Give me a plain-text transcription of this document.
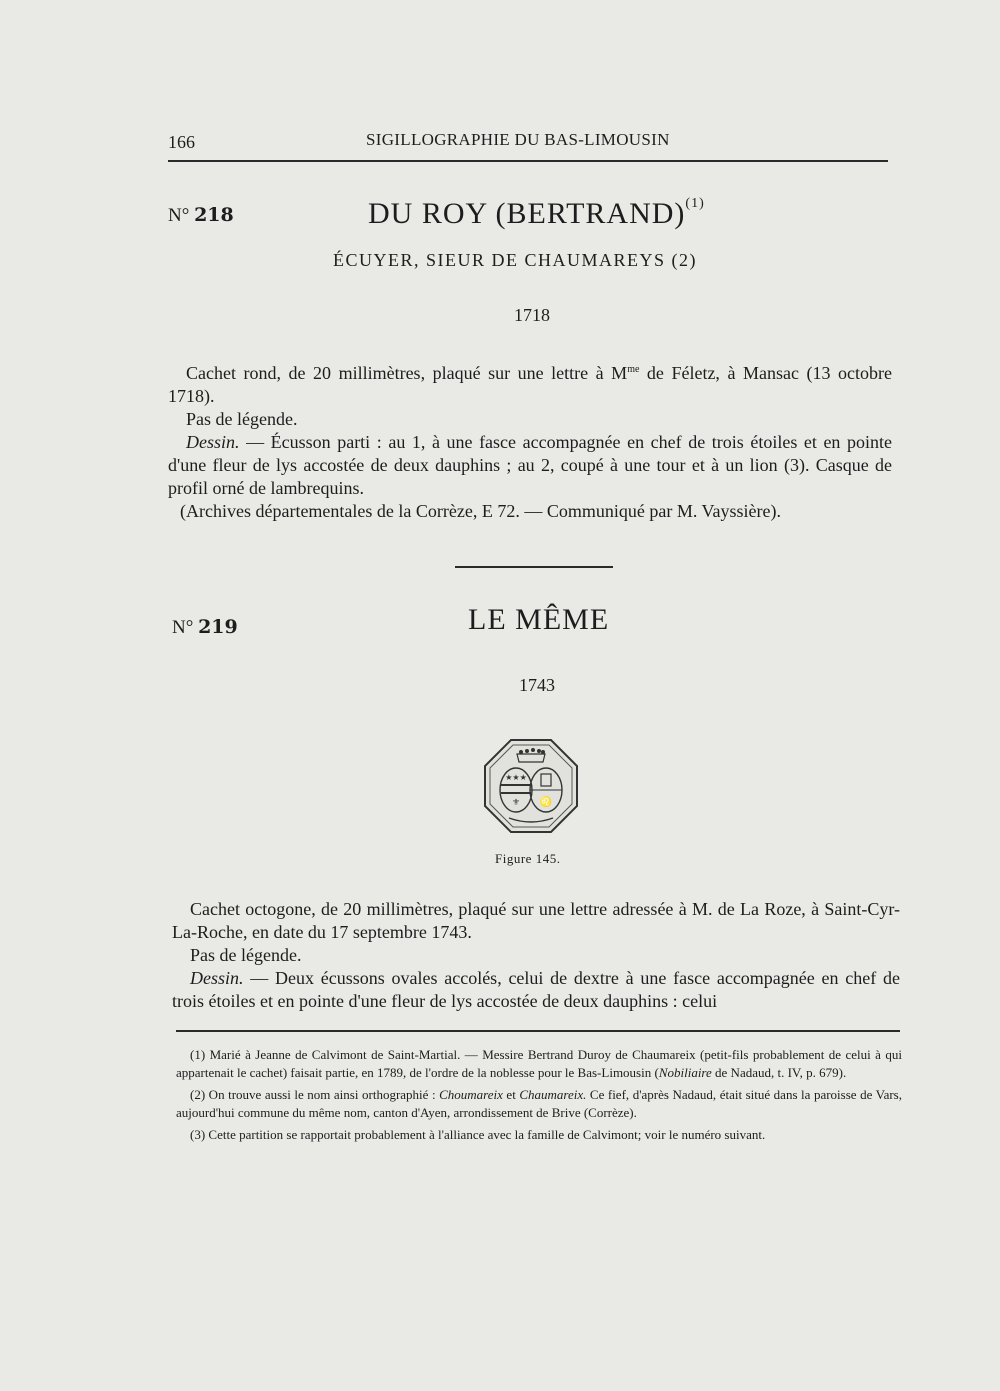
166	SIGILLOGRAPHIE DU BAS-LIMOUSIN
N° 218	DU ROY (BERTRAND)$^{(1)}$
ÉCUYER, SIEUR DE CHAUMAREYS (2)
1718

Cachet rond, de 20 millimètres, plaqué sur une lettre à $M^{me}$ de Féletz, à Mansac (13 octobre 1718).

Pas de légende.

Dessin. — Écusson parti : au 1, à une fasce accompagnée en chef de trois étoiles et en pointe d'une fleur de lys accostée de deux dauphins ; au 2, coupé à une tour et à un lion (3). Casque de profil orné de lambrequins.

(Archives départementales de la Corrèze, E 72. — Communiqué par M. Vayssière).

N° 219	LE MÊME
1743
★★★
⚜ ♌
Figure 145.

Cachet octogone, de 20 millimètres, plaqué sur une lettre adressée à M. de La Roze, à Saint-Cyr-La-Roche, en date du 17 septembre 1743.

Pas de légende.

Dessin. — Deux écussons ovales accolés, celui de dextre à une fasce accompagnée en chef de trois étoiles et en pointe d'une fleur de lys accostée de deux dauphins : celui

(1) Marié à Jeanne de Calvimont de Saint-Martial. — Messire Bertrand Duroy de Chaumareix (petit-fils probablement de celui à qui appartenait le cachet) faisait partie, en 1789, de l'ordre de la noblesse pour le Bas-Limousin (Nobiliaire de Nadaud, t. IV, p. 679).

(2) On trouve aussi le nom ainsi orthographié : Choumareix et Chaumareix. Ce fief, d'après Nadaud, était situé dans la paroisse de Vars, aujourd'hui commune du même nom, canton d'Ayen, arrondissement de Brive (Corrèze).

(3) Cette partition se rapportait probablement à l'alliance avec la famille de Calvimont; voir le numéro suivant.
